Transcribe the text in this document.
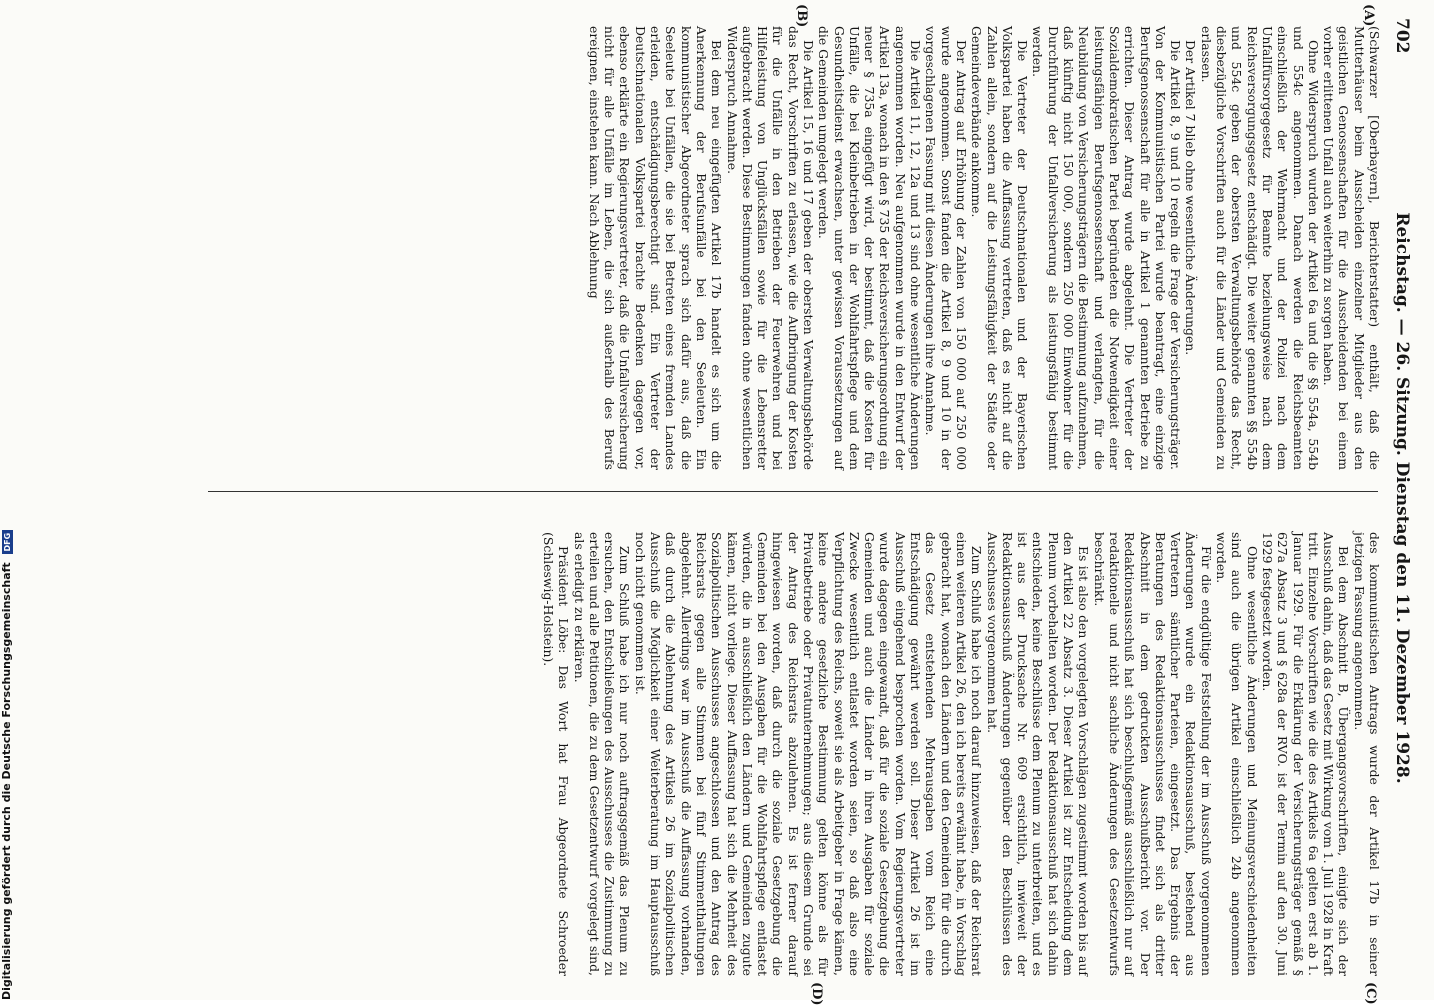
702
Reichstag. — 26. Sitzung. Dienstag den 11. Dezember 1928.
(A)
(B)
(C)
(D)

(Schwarzer [Oberbayern], Berichterstatter) enthält, daß die Mutterhäuser beim Ausscheiden einzelner Mitglieder aus den geistlichen Genossenschaften für die Ausscheidenden bei einem vorher erlittenen Unfall auch weiterhin zu sorgen haben.

Ohne Widerspruch wurden der Artikel 6a und die §§ 554a, 554b und 554c angenommen. Danach werden die Reichsbeamten einschließlich der Wehrmacht und der Polizei nach dem Unfallfürsorgegesetz für Beamte beziehungsweise nach dem Reichsversorgungsgesetz entschädigt. Die weiter genannten §§ 554b und 554c geben der obersten Verwaltungsbehörde das Recht, diesbezügliche Vorschriften auch für die Länder und Gemeinden zu erlassen.

Der Artikel 7 blieb ohne wesentliche Änderungen.

Die Artikel 8, 9 und 10 regeln die Frage der Versicherungsträger. Von der Kommunistischen Partei wurde beantragt, eine einzige Berufsgenossenschaft für alle in Artikel 1 genannten Betriebe zu errichten. Dieser Antrag wurde abgelehnt. Die Vertreter der Sozialdemokratischen Partei begründeten die Notwendigkeit einer leistungsfähigen Berufsgenossenschaft und verlangten, für die Neubildung von Versicherungsträgern die Bestimmung aufzunehmen, daß künftig nicht 150 000, sondern 250 000 Einwohner für die Durchführung der Unfallversicherung als leistungsfähig bestimmt werden.

Die Vertreter der Deutschnationalen und der Bayerischen Volkspartei haben die Auffassung vertreten, daß es nicht auf die Zahlen allein, sondern auf die Leistungsfähigkeit der Städte oder Gemeindeverbände ankomme.

Der Antrag auf Erhöhung der Zahlen von 150 000 auf 250 000 wurde angenommen. Sonst fanden die Artikel 8, 9 und 10 in der vorgeschlagenen Fassung mit diesen Änderungen ihre Annahme.

Die Artikel 11, 12, 12a und 13 sind ohne wesentliche Änderungen angenommen worden. Neu aufgenommen wurde in den Entwurf der Artikel 13a, wonach in den § 735 der Reichsversicherungsordnung ein neuer § 735a eingefügt wird, der bestimmt, daß die Kosten für Unfälle, die bei Kleinbetrieben in der Wohlfahrtspflege und dem Gesundheitsdienst erwachsen, unter gewissen Voraussetzungen auf die Gemeinden umgelegt werden.

Die Artikel 15, 16 und 17 geben der obersten Verwaltungsbehörde das Recht, Vorschriften zu erlassen, wie die Aufbringung der Kosten für die Unfälle in den Betrieben der Feuerwehren und bei Hilfeleistung von Unglücksfällen sowie für die Lebensretter aufgebracht werden. Diese Bestimmungen fanden ohne wesentlichen Widerspruch Annahme.

Bei dem neu eingefügten Artikel 17b handelt es sich um die Anerkennung der Berufsunfälle bei den Seeleuten. Ein kommunistischer Abgeordneter sprach sich dafür aus, daß die Seeleute bei Unfällen, die sie bei Betreten eines fremden Landes erleiden, entschädigungsberechtigt sind. Ein Vertreter der Deutschnationalen Volkspartei brachte Bedenken dagegen vor, ebenso erklärte ein Regierungsvertreter, daß die Unfallversicherung nicht für alle Unfälle im Leben, die sich außerhalb des Berufs ereignen, einstehen kann. Nach Ablehnung

des kommunistischen Antrags wurde der Artikel 17b in seiner jetzigen Fassung angenommen.

Bei dem Abschnitt B, Übergangsvorschriften, einigte sich der Ausschuß dahin, daß das Gesetz mit Wirkung vom 1. Juli 1928 in Kraft tritt. Einzelne Vorschriften wie die des Artikels 6a gelten erst ab 1. Januar 1929. Für die Erklärung der Versicherungsträger gemäß § 627a Absatz 3 und § 628a der RVO. ist der Termin auf den 30. Juni 1929 festgesetzt worden.

Ohne wesentliche Änderungen und Meinungsverschiedenheiten sind auch die übrigen Artikel einschließlich 24b angenommen worden.

Für die endgültige Feststellung der im Ausschuß vorgenommenen Änderungen wurde ein Redaktionsausschuß, bestehend aus Vertretern sämtlicher Parteien, eingesetzt. Das Ergebnis der Beratungen des Redaktionsausschusses findet sich als dritter Abschnitt in dem gedruckten Ausschußbericht vor. Der Redaktionsausschuß hat sich beschlußgemäß ausschließlich nur auf redaktionelle und nicht sachliche Änderungen des Gesetzentwurfs beschränkt.

Es ist also den vorgelegten Vorschlägen zugestimmt worden bis auf den Artikel 22 Absatz 3. Dieser Artikel ist zur Entscheidung dem Plenum vorbehalten worden. Der Redaktionsausschuß hat sich dahin entschieden, keine Beschlüsse dem Plenum zu unterbreiten, und es ist aus der Drucksache Nr. 609 ersichtlich, inwieweit der Redaktionsausschuß Änderungen gegenüber den Beschlüssen des Ausschusses vorgenommen hat.

Zum Schluß habe ich noch darauf hinzuweisen, daß der Reichsrat einen weiteren Artikel 26, den ich bereits erwähnt habe, in Vorschlag gebracht hat, wonach den Ländern und den Gemeinden für die durch das Gesetz entstehenden Mehrausgaben vom Reich eine Entschädigung gewährt werden soll. Dieser Artikel 26 ist im Ausschuß eingehend besprochen worden. Vom Regierungsvertreter wurde dagegen eingewandt, daß für die soziale Gesetzgebung die Gemeinden und auch die Länder in ihren Ausgaben für soziale Zwecke wesentlich entlastet worden seien, so daß also eine Verpflichtung des Reichs, soweit sie als Arbeitgeber in Frage kämen, keine andere gesetzliche Bestimmung gelten könne als für Privatbetriebe oder Privatunternehmungen; aus diesem Grunde sei der Antrag des Reichsrats abzulehnen. Es ist ferner darauf hingewiesen worden, daß durch die soziale Gesetzgebung die Gemeinden bei den Ausgaben für die Wohlfahrtspflege entlastet würden, die in ausschließlich den Ländern und Gemeinden zugute kämen, nicht vorliege. Dieser Auffassung hat sich die Mehrheit des Sozialpolitischen Ausschusses angeschlossen und den Antrag des Reichsrats gegen alle Stimmen bei fünf Stimmenthaltungen abgelehnt. Allerdings war im Ausschuß die Auffassung vorhanden, daß durch die Ablehnung des Artikels 26 im Sozialpolitischen Ausschuß die Möglichkeit einer Weiterberatung im Hauptausschuß noch nicht genommen ist.

Zum Schluß habe ich nur noch auftragsgemäß das Plenum zu ersuchen, den Entschließungen des Ausschusses die Zustimmung zu erteilen und alle Petitionen, die zu dem Gesetzentwurf vorgelegt sind, als erledigt zu erklären.

Präsident Löbe: Das Wort hat Frau Abgeordnete Schroeder (Schleswig-Holstein).

Digitalisierung gefördert durch die Deutsche Forschungsgemeinschaft DFG
